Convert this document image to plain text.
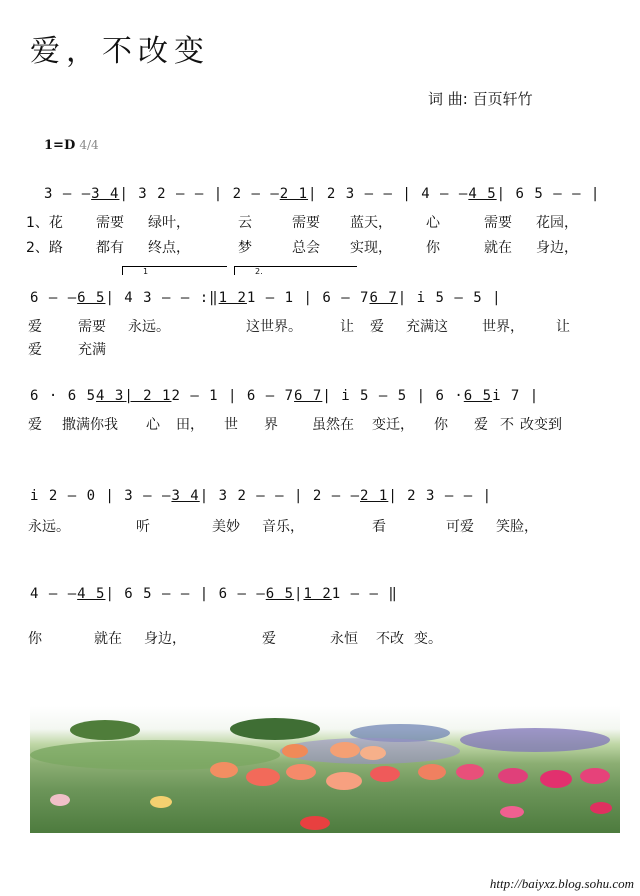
爱，不改变
词 曲: 百页轩竹
1=D 4/4
3 – –3 4| 3 2 – – | 2 – –2 1| 2 3 – – | 4 – –4 5| 6 5 – – |
1、花 需要 绿叶，	云	需要 蓝天， 心	需要 花园，
2、路 都有 终点，	梦	总会 实现， 你	就在 身边，
1	2.
6 – –6 5| 4 3 – – :‖1 21 – 1 | 6 – 76 7| i 5 – 5 |
爱	需要 永远。	这世界。	让 爱 充满这 世界， 让
爱	充满
6 · 6 54 3| 2 12 – 1 | 6 – 76 7| i 5 – 5 | 6 ·6 5i 7 |
爱 撒满你我 心 田， 世 界 虽然在 变迁， 你 爱 不 改变到
i 2 – 0 | 3 – –3 4| 3 2 – – | 2 – –2 1| 2 3 – – |
永远。	听	美妙 音乐，	看	可爱 笑脸，
4 – –4 5| 6 5 – – | 6 – –6 5|1 21 – – ‖
你	就在 身边，	爱	永恒 不改 变。
http://baiyxz.blog.sohu.com
